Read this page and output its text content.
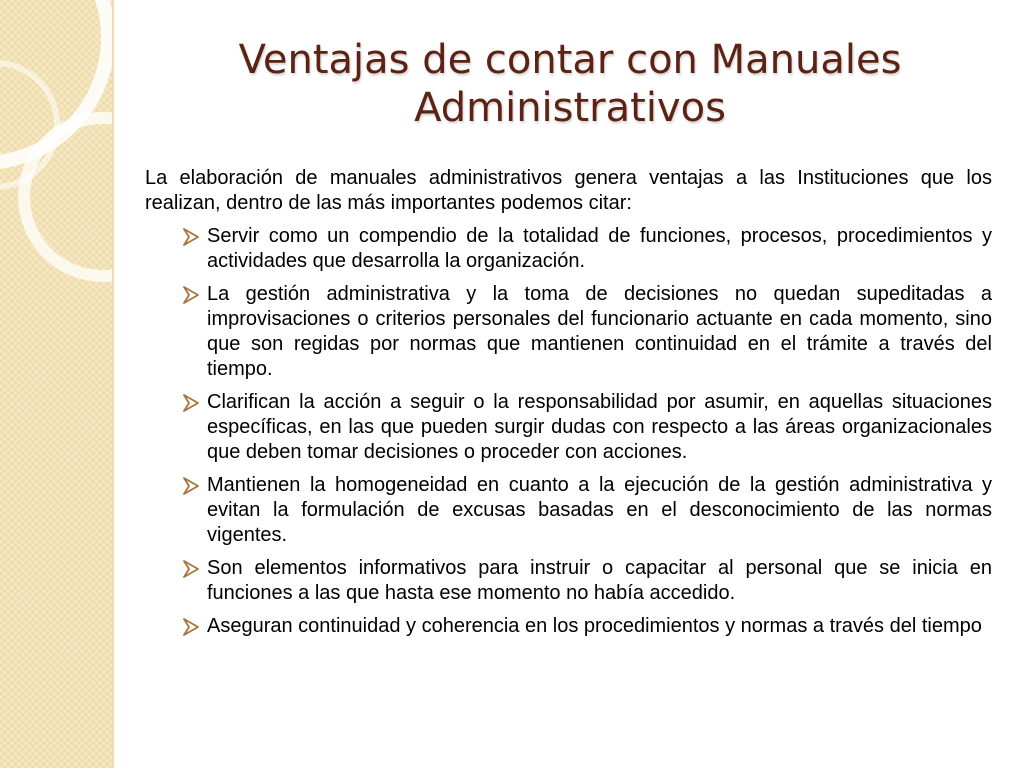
Ventajas de contar con Manuales Administrativos

La elaboración de manuales administrativos genera ventajas a las Instituciones que los realizan, dentro de las más importantes podemos citar:

Servir como un compendio de la totalidad de funciones, procesos, procedimientos y actividades que desarrolla la organización.
La gestión administrativa y la toma de decisiones no quedan supeditadas a improvisaciones o criterios personales del funcionario actuante en cada momento, sino que son regidas por normas que mantienen continuidad en el trámite a través del tiempo.
Clarifican la acción a seguir o la responsabilidad por asumir, en aquellas situaciones específicas, en las que pueden surgir dudas con respecto a las áreas organizacionales que deben tomar decisiones o proceder con acciones.
Mantienen la homogeneidad en cuanto a la ejecución de la gestión administrativa y evitan la formulación de excusas basadas en el desconocimiento de las normas vigentes.
Son elementos informativos para instruir o capacitar al personal que se inicia en funciones a las que hasta ese momento no había accedido.
Aseguran continuidad y coherencia en los procedimientos y normas a través del tiempo
